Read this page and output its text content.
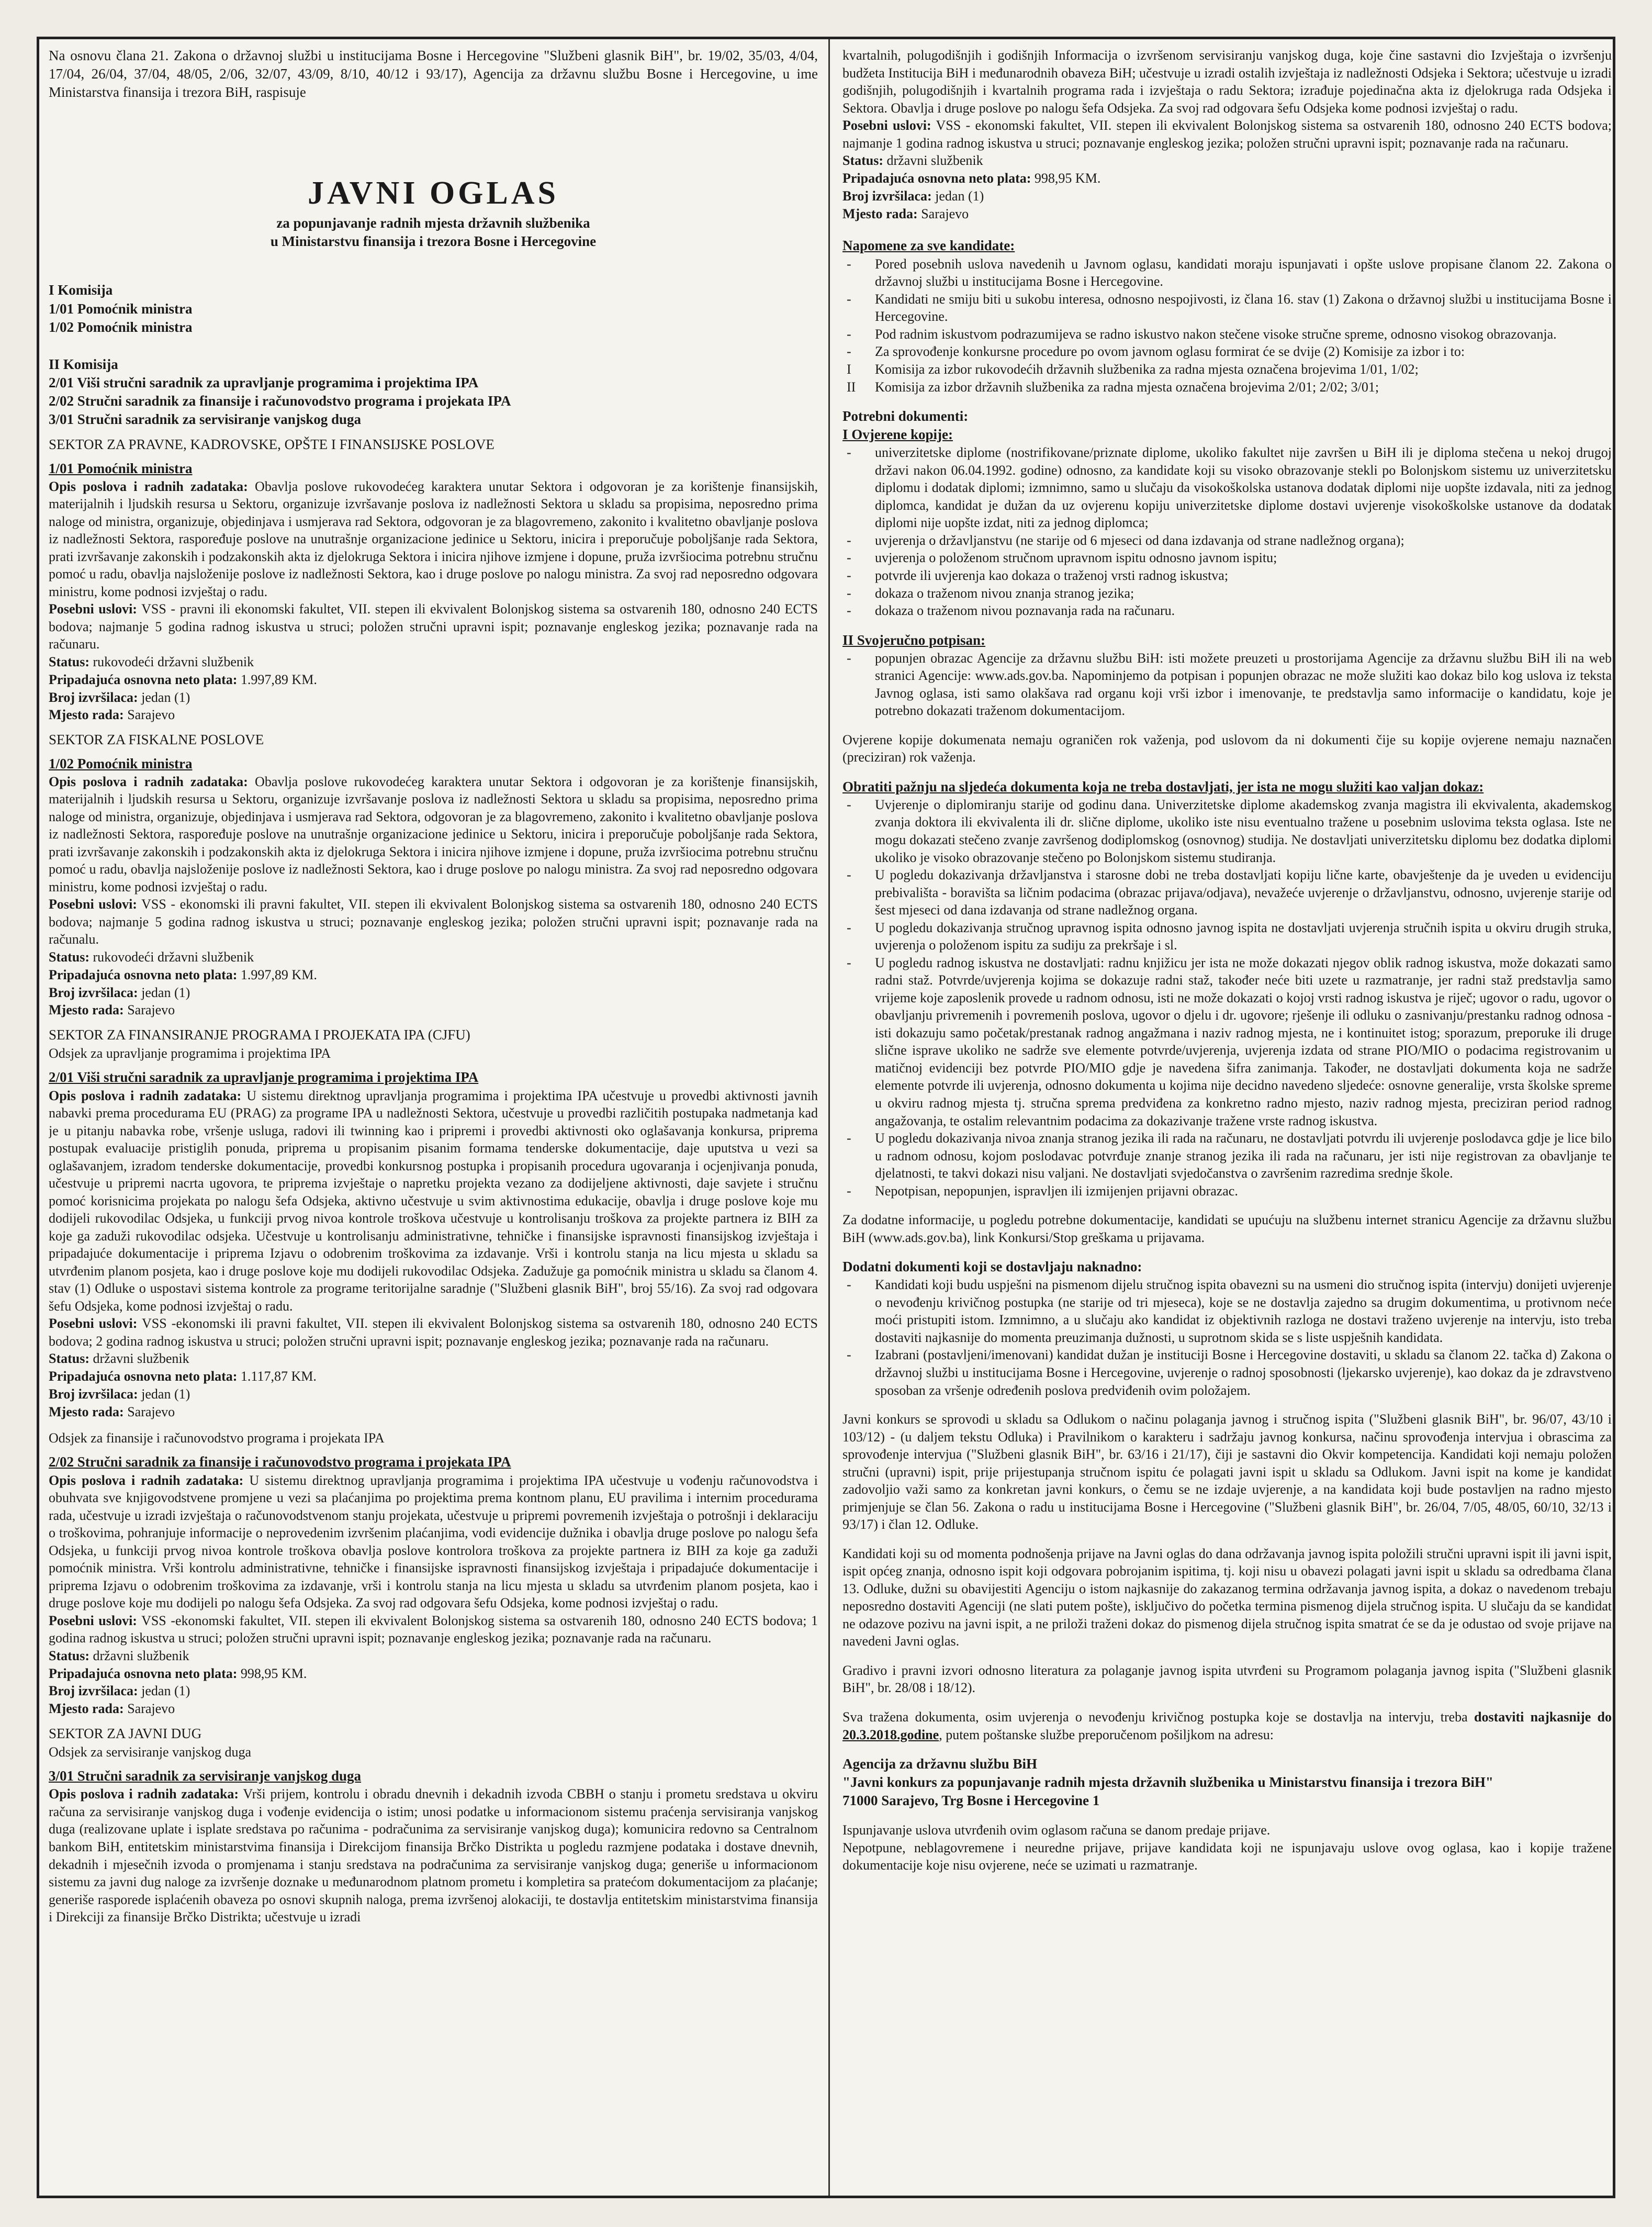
Na osnovu člana 21. Zakona o državnoj službi u institucijama Bosne i Hercegovine "Službeni glasnik BiH", br. 19/02, 35/03, 4/04, 17/04, 26/04, 37/04, 48/05, 2/06, 32/07, 43/09, 8/10, 40/12 i 93/17), Agencija za državnu službu Bosne i Hercegovine, u ime Ministarstva finansija i trezora BiH, raspisuje

JAVNI OGLAS
za popunjavanje radnih mjesta državnih službenika
u Ministarstvu finansija i trezora Bosne i Hercegovine
I Komisija
1/01 Pomoćnik ministra
1/02 Pomoćnik ministra
II Komisija
2/01 Viši stručni saradnik za upravljanje programima i projektima IPA
2/02 Stručni saradnik za finansije i računovodstvo programa i projekata IPA
3/01 Stručni saradnik za servisiranje vanjskog duga
SEKTOR ZA PRAVNE, KADROVSKE, OPŠTE I FINANSIJSKE POSLOVE
1/01 Pomoćnik ministra

Opis poslova i radnih zadataka: Obavlja poslove rukovodećeg karaktera unutar Sektora i odgovoran je za korištenje finansijskih, materijalnih i ljudskih resursa u Sektoru, organizuje izvršavanje poslova iz nadležnosti Sektora u skladu sa propisima, neposredno prima naloge od ministra, organizuje, objedinjava i usmjerava rad Sektora, odgovoran je za blagovremeno, zakonito i kvalitetno obavljanje poslova iz nadležnosti Sektora, raspoređuje poslove na unutrašnje organizacione jedinice u Sektoru, inicira i preporučuje poboljšanje rada Sektora, prati izvršavanje zakonskih i podzakonskih akta iz djelokruga Sektora i inicira njihove izmjene i dopune, pruža izvršiocima potrebnu stručnu pomoć u radu, obavlja najsloženije poslove iz nadležnosti Sektora, kao i druge poslove po nalogu ministra. Za svoj rad neposredno odgovara ministru, kome podnosi izvještaj o radu.

Posebni uslovi: VSS - pravni ili ekonomski fakultet, VII. stepen ili ekvivalent Bolonjskog sistema sa ostvarenih 180, odnosno 240 ECTS bodova; najmanje 5 godina radnog iskustva u struci; položen stručni upravni ispit; poznavanje engleskog jezika; poznavanje rada na računaru.

Status: rukovodeći državni službenik

Pripadajuća osnovna neto plata: 1.997,89 KM.

Broj izvršilaca: jedan (1)

Mjesto rada: Sarajevo

SEKTOR ZA FISKALNE POSLOVE
1/02 Pomoćnik ministra

Opis poslova i radnih zadataka: Obavlja poslove rukovodećeg karaktera unutar Sektora i odgovoran je za korištenje finansijskih, materijalnih i ljudskih resursa u Sektoru, organizuje izvršavanje poslova iz nadležnosti Sektora u skladu sa propisima, neposredno prima naloge od ministra, organizuje, objedinjava i usmjerava rad Sektora, odgovoran je za blagovremeno, zakonito i kvalitetno obavljanje poslova iz nadležnosti Sektora, raspoređuje poslove na unutrašnje organizacione jedinice u Sektoru, inicira i preporučuje poboljšanje rada Sektora, prati izvršavanje zakonskih i podzakonskih akta iz djelokruga Sektora i inicira njihove izmjene i dopune, pruža izvršiocima potrebnu stručnu pomoć u radu, obavlja najsloženije poslove iz nadležnosti Sektora, kao i druge poslove po nalogu ministra. Za svoj rad neposredno odgovara ministru, kome podnosi izvještaj o radu.

Posebni uslovi: VSS - ekonomski ili pravni fakultet, VII. stepen ili ekvivalent Bolonjskog sistema sa ostvarenih 180, odnosno 240 ECTS bodova; najmanje 5 godina radnog iskustva u struci; poznavanje engleskog jezika; položen stručni upravni ispit; poznavanje rada na računalu.

Status: rukovodeći državni službenik

Pripadajuća osnovna neto plata: 1.997,89 KM.

Broj izvršilaca: jedan (1)

Mjesto rada: Sarajevo

SEKTOR ZA FINANSIRANJE PROGRAMA I PROJEKATA IPA (CJFU)
Odsjek za upravljanje programima i projektima IPA
2/01 Viši stručni saradnik za upravljanje programima i projektima IPA

Opis poslova i radnih zadataka: U sistemu direktnog upravljanja programima i projektima IPA učestvuje u provedbi aktivnosti javnih nabavki prema procedurama EU (PRAG) za programe IPA u nadležnosti Sektora, učestvuje u provedbi različitih postupaka nadmetanja kad je u pitanju nabavka robe, vršenje usluga, radovi ili twinning kao i pripremi i provedbi aktivnosti oko oglašavanja konkursa, priprema postupak evaluacije pristiglih ponuda, priprema u propisanim pisanim formama tenderske dokumentacije, daje uputstva u vezi sa oglašavanjem, izradom tenderske dokumentacije, provedbi konkursnog postupka i propisanih procedura ugovaranja i ocjenjivanja ponuda, učestvuje u pripremi nacrta ugovora, te priprema izvještaje o napretku projekta vezano za dodijeljene aktivnosti, daje savjete i stručnu pomoć korisnicima projekata po nalogu šefa Odsjeka, aktivno učestvuje u svim aktivnostima edukacije, obavlja i druge poslove koje mu dodijeli rukovodilac Odsjeka, u funkciji prvog nivoa kontrole troškova učestvuje u kontrolisanju troškova za projekte partnera iz BIH za koje ga zaduži rukovodilac odsjeka. Učestvuje u kontrolisanju administrativne, tehničke i finansijske ispravnosti finansijskog izvještaja i pripadajuće dokumentacije i priprema Izjavu o odobrenim troškovima za izdavanje. Vrši i kontrolu stanja na licu mjesta u skladu sa utvrđenim planom posjeta, kao i druge poslove koje mu dodijeli rukovodilac Odsjeka. Zadužuje ga pomoćnik ministra u skladu sa članom 4. stav (1) Odluke o uspostavi sistema kontrole za programe teritorijalne saradnje ("Službeni glasnik BiH", broj 55/16). Za svoj rad odgovara šefu Odsjeka, kome podnosi izvještaj o radu.

Posebni uslovi: VSS -ekonomski ili pravni fakultet, VII. stepen ili ekvivalent Bolonjskog sistema sa ostvarenih 180, odnosno 240 ECTS bodova; 2 godina radnog iskustva u struci; položen stručni upravni ispit; poznavanje engleskog jezika; poznavanje rada na računaru.

Status: državni službenik

Pripadajuća osnovna neto plata: 1.117,87 KM.

Broj izvršilaca: jedan (1)

Mjesto rada: Sarajevo

Odsjek za finansije i računovodstvo programa i projekata IPA
2/02 Stručni saradnik za finansije i računovodstvo programa i projekata IPA

Opis poslova i radnih zadataka: U sistemu direktnog upravljanja programima i projektima IPA učestvuje u vođenju računovodstva i obuhvata sve knjigovodstvene promjene u vezi sa plaćanjima po projektima prema kontnom planu, EU pravilima i internim procedurama rada, učestvuje u izradi izvještaja o računovodstvenom stanju projekata, učestvuje u pripremi povremenih izvještaja o potrošnji i deklaraciju o troškovima, pohranjuje informacije o neprovedenim izvršenim plaćanjima, vodi evidencije dužnika i obavlja druge poslove po nalogu šefa Odsjeka, u funkciji prvog nivoa kontrole troškova obavlja poslove kontrolora troškova za projekte partnera iz BIH za koje ga zaduži pomoćnik ministra. Vrši kontrolu administrativne, tehničke i finansijske ispravnosti finansijskog izvještaja i pripadajuće dokumentacije i priprema Izjavu o odobrenim troškovima za izdavanje, vrši i kontrolu stanja na licu mjesta u skladu sa utvrđenim planom posjeta, kao i druge poslove koje mu dodijeli po nalogu šefa Odsjeka. Za svoj rad odgovara šefu Odsjeka, kome podnosi izvještaj o radu.

Posebni uslovi: VSS -ekonomski fakultet, VII. stepen ili ekvivalent Bolonjskog sistema sa ostvarenih 180, odnosno 240 ECTS bodova; 1 godina radnog iskustva u struci; položen stručni upravni ispit; poznavanje engleskog jezika; poznavanje rada na računaru.

Status: državni službenik

Pripadajuća osnovna neto plata: 998,95 KM.

Broj izvršilaca: jedan (1)

Mjesto rada: Sarajevo

SEKTOR ZA JAVNI DUG
Odsjek za servisiranje vanjskog duga
3/01 Stručni saradnik za servisiranje vanjskog duga

Opis poslova i radnih zadataka: Vrši prijem, kontrolu i obradu dnevnih i dekadnih izvoda CBBH o stanju i prometu sredstava u okviru računa za servisiranje vanjskog duga i vođenje evidencija o istim; unosi podatke u informacionom sistemu praćenja servisiranja vanjskog duga (realizovane uplate i isplate sredstava po računima - podračunima za servisiranje vanjskog duga); komunicira redovno sa Centralnom bankom BiH, entitetskim ministarstvima finansija i Direkcijom finansija Brčko Distrikta u pogledu razmjene podataka i dostave dnevnih, dekadnih i mjesečnih izvoda o promjenama i stanju sredstava na podračunima za servisiranje vanjskog duga; generiše u informacionom sistemu za javni dug naloge za izvršenje doznake u međunarodnom platnom prometu i kompletira sa pratećom dokumentacijom za plaćanje; generiše rasporede isplaćenih obaveza po osnovi skupnih naloga, prema izvršenoj alokaciji, te dostavlja entitetskim ministarstvima finansija i Direkciji za finansije Brčko Distrikta; učestvuje u izradi

kvartalnih, polugodišnjih i godišnjih Informacija o izvršenom servisiranju vanjskog duga, koje čine sastavni dio Izvještaja o izvršenju budžeta Institucija BiH i međunarodnih obaveza BiH; učestvuje u izradi ostalih izvještaja iz nadležnosti Odsjeka i Sektora; učestvuje u izradi godišnjih, polugodišnjih i kvartalnih programa rada i izvještaja o radu Sektora; izrađuje pojedinačna akta iz djelokruga rada Odsjeka i Sektora. Obavlja i druge poslove po nalogu šefa Odsjeka. Za svoj rad odgovara šefu Odsjeka kome podnosi izvještaj o radu.

Posebni uslovi: VSS - ekonomski fakultet, VII. stepen ili ekvivalent Bolonjskog sistema sa ostvarenih 180, odnosno 240 ECTS bodova; najmanje 1 godina radnog iskustva u struci; poznavanje engleskog jezika; položen stručni upravni ispit; poznavanje rada na računaru.

Status: državni službenik

Pripadajuća osnovna neto plata: 998,95 KM.

Broj izvršilaca: jedan (1)

Mjesto rada: Sarajevo

Napomene za sve kandidate:
- Pored posebnih uslova navedenih u Javnom oglasu, kandidati moraju ispunjavati i opšte uslove propisane članom 22. Zakona o državnoj službi u institucijama Bosne i Hercegovine.
- Kandidati ne smiju biti u sukobu interesa, odnosno nespojivosti, iz člana 16. stav (1) Zakona o državnoj službi u institucijama Bosne i Hercegovine.
- Pod radnim iskustvom podrazumijeva se radno iskustvo nakon stečene visoke stručne spreme, odnosno visokog obrazovanja.
- Za sprovođenje konkursne procedure po ovom javnom oglasu formirat će se dvije (2) Komisije za izbor i to:
I Komisija za izbor rukovodećih državnih službenika za radna mjesta označena brojevima 1/01, 1/02;
II Komisija za izbor državnih službenika za radna mjesta označena brojevima 2/01; 2/02; 3/01;
Potrebni dokumenti:
I Ovjerene kopije:
- univerzitetske diplome (nostrifikovane/priznate diplome, ukoliko fakultet nije završen u BiH ili je diploma stečena u nekoj drugoj državi nakon 06.04.1992. godine) odnosno, za kandidate koji su visoko obrazovanje stekli po Bolonjskom sistemu uz univerzitetsku diplomu i dodatak diplomi; izmnimno, samo u slučaju da visokoškolska ustanova dodatak diplomi nije uopšte izdavala, niti za jednog diplomca, kandidat je dužan da uz ovjerenu kopiju univerzitetske diplome dostavi uvjerenje visokoškolske ustanove da dodatak diplomi nije uopšte izdat, niti za jednog diplomca;
- uvjerenja o državljanstvu (ne starije od 6 mjeseci od dana izdavanja od strane nadležnog organa);
- uvjerenja o položenom stručnom upravnom ispitu odnosno javnom ispitu;
- potvrde ili uvjerenja kao dokaza o traženoj vrsti radnog iskustva;
- dokaza o traženom nivou znanja stranog jezika;
- dokaza o traženom nivou poznavanja rada na računaru.
II Svojeručno potpisan:
- popunjen obrazac Agencije za državnu službu BiH: isti možete preuzeti u prostorijama Agencije za državnu službu BiH ili na web stranici Agencije: www.ads.gov.ba. Napominjemo da potpisan i popunjen obrazac ne može služiti kao dokaz bilo kog uslova iz teksta Javnog oglasa, isti samo olakšava rad organu koji vrši izbor i imenovanje, te predstavlja samo informacije o kandidatu, koje je potrebno dokazati traženom dokumentacijom.

Ovjerene kopije dokumenata nemaju ograničen rok važenja, pod uslovom da ni dokumenti čije su kopije ovjerene nemaju naznačen (preciziran) rok važenja.

Obratiti pažnju na sljedeća dokumenta koja ne treba dostavljati, jer ista ne mogu služiti kao valjan dokaz:
- Uvjerenje o diplomiranju starije od godinu dana. Univerzitetske diplome akademskog zvanja magistra ili ekvivalenta, akademskog zvanja doktora ili ekvivalenta ili dr. slične diplome, ukoliko iste nisu eventualno tražene u posebnim uslovima teksta oglasa. Iste ne mogu dokazati stečeno zvanje završenog dodiplomskog (osnovnog) studija. Ne dostavljati univerzitetsku diplomu bez dodatka diplomi ukoliko je visoko obrazovanje stečeno po Bolonjskom sistemu studiranja.
- U pogledu dokazivanja državljanstva i starosne dobi ne treba dostavljati kopiju lične karte, obavještenje da je uveden u evidenciju prebivališta - boravišta sa ličnim podacima (obrazac prijava/odjava), nevažeće uvjerenje o državljanstvu, odnosno, uvjerenje starije od šest mjeseci od dana izdavanja od strane nadležnog organa.
- U pogledu dokazivanja stručnog upravnog ispita odnosno javnog ispita ne dostavljati uvjerenja stručnih ispita u okviru drugih struka, uvjerenja o položenom ispitu za sudiju za prekršaje i sl.
- U pogledu radnog iskustva ne dostavljati: radnu knjižicu jer ista ne može dokazati njegov oblik radnog iskustva, može dokazati samo radni staž. Potvrde/uvjerenja kojima se dokazuje radni staž, također neće biti uzete u razmatranje, jer radni staž predstavlja samo vrijeme koje zaposlenik provede u radnom odnosu, isti ne može dokazati o kojoj vrsti radnog iskustva je riječ; ugovor o radu, ugovor o obavljanju privremenih i povremenih poslova, ugovor o djelu i dr. ugovore; rješenje ili odluku o zasnivanju/prestanku radnog odnosa - isti dokazuju samo početak/prestanak radnog angažmana i naziv radnog mjesta, ne i kontinuitet istog; sporazum, preporuke ili druge slične isprave ukoliko ne sadrže sve elemente potvrde/uvjerenja, uvjerenja izdata od strane PIO/MIO o podacima registrovanim u matičnoj evidenciji bez potvrde PIO/MIO gdje je navedena šifra zanimanja. Također, ne dostavljati dokumenta koja ne sadrže elemente potvrde ili uvjerenja, odnosno dokumenta u kojima nije decidno navedeno sljedeće: osnovne generalije, vrsta školske spreme u okviru radnog mjesta tj. stručna sprema predviđena za konkretno radno mjesto, naziv radnog mjesta, preciziran period radnog angažovanja, te ostalim relevantnim podacima za dokazivanje tražene vrste radnog iskustva.
- U pogledu dokazivanja nivoa znanja stranog jezika ili rada na računaru, ne dostavljati potvrdu ili uvjerenje poslodavca gdje je lice bilo u radnom odnosu, kojom poslodavac potvrđuje znanje stranog jezika ili rada na računaru, jer isti nije registrovan za obavljanje te djelatnosti, te takvi dokazi nisu valjani. Ne dostavljati svjedočanstva o završenim razredima srednje škole.
- Nepotpisan, nepopunjen, ispravljen ili izmijenjen prijavni obrazac.

Za dodatne informacije, u pogledu potrebne dokumentacije, kandidati se upućuju na službenu internet stranicu Agencije za državnu službu BiH (www.ads.gov.ba), link Konkursi/Stop greškama u prijavama.

Dodatni dokumenti koji se dostavljaju naknadno:
- Kandidati koji budu uspješni na pismenom dijelu stručnog ispita obavezni su na usmeni dio stručnog ispita (intervju) donijeti uvjerenje o nevođenju krivičnog postupka (ne starije od tri mjeseca), koje se ne dostavlja zajedno sa drugim dokumentima, u protivnom neće moći pristupiti istom. Izmnimno, a u slučaju ako kandidat iz objektivnih razloga ne dostavi traženo uvjerenje na intervju, isto treba dostaviti najkasnije do momenta preuzimanja dužnosti, u suprotnom skida se s liste uspješnih kandidata.
- Izabrani (postavljeni/imenovani) kandidat dužan je instituciji Bosne i Hercegovine dostaviti, u skladu sa članom 22. tačka d) Zakona o državnoj službi u institucijama Bosne i Hercegovine, uvjerenje o radnoj sposobnosti (ljekarsko uvjerenje), kao dokaz da je zdravstveno sposoban za vršenje određenih poslova predviđenih ovim položajem.

Javni konkurs se sprovodi u skladu sa Odlukom o načinu polaganja javnog i stručnog ispita ("Službeni glasnik BiH", br. 96/07, 43/10 i 103/12) - (u daljem tekstu Odluka) i Pravilnikom o karakteru i sadržaju javnog konkursa, načinu sprovođenja intervjua i obrascima za sprovođenje intervjua ("Službeni glasnik BiH", br. 63/16 i 21/17), čiji je sastavni dio Okvir kompetencija. Kandidati koji nemaju položen stručni (upravni) ispit, prije prijestupanja stručnom ispitu će polagati javni ispit u skladu sa Odlukom. Javni ispit na kome je kandidat zadovoljio važi samo za konkretan javni konkurs, o čemu se ne izdaje uvjerenje, a na kandidata koji bude postavljen na radno mjesto primjenjuje se član 56. Zakona o radu u institucijama Bosne i Hercegovine ("Službeni glasnik BiH", br. 26/04, 7/05, 48/05, 60/10, 32/13 i 93/17) i član 12. Odluke.

Kandidati koji su od momenta podnošenja prijave na Javni oglas do dana održavanja javnog ispita položili stručni upravni ispit ili javni ispit, ispit općeg znanja, odnosno ispit koji odgovara pobrojanim ispitima, tj. koji nisu u obavezi polagati javni ispit u skladu sa odredbama člana 13. Odluke, dužni su obavijestiti Agenciju o istom najkasnije do zakazanog termina održavanja javnog ispita, a dokaz o navedenom trebaju neposredno dostaviti Agenciji (ne slati putem pošte), isključivo do početka termina pismenog dijela stručnog ispita. U slučaju da se kandidat ne odazove pozivu na javni ispit, a ne priloži traženi dokaz do pismenog dijela stručnog ispita smatrat će se da je odustao od svoje prijave na navedeni Javni oglas.

Gradivo i pravni izvori odnosno literatura za polaganje javnog ispita utvrđeni su Programom polaganja javnog ispita ("Službeni glasnik BiH", br. 28/08 i 18/12).

Sva tražena dokumenta, osim uvjerenja o nevođenju krivičnog postupka koje se dostavlja na intervju, treba dostaviti najkasnije do 20.3.2018.godine, putem poštanske službe preporučenom pošiljkom na adresu:

Agencija za državnu službu BiH
"Javni konkurs za popunjavanje radnih mjesta državnih službenika u Ministarstvu finansija i trezora BiH"
71000 Sarajevo, Trg Bosne i Hercegovine 1

Ispunjavanje uslova utvrđenih ovim oglasom računa se danom predaje prijave.

Nepotpune, neblagovremene i neuredne prijave, prijave kandidata koji ne ispunjavaju uslove ovog oglasa, kao i kopije tražene dokumentacije koje nisu ovjerene, neće se uzimati u razmatranje.
